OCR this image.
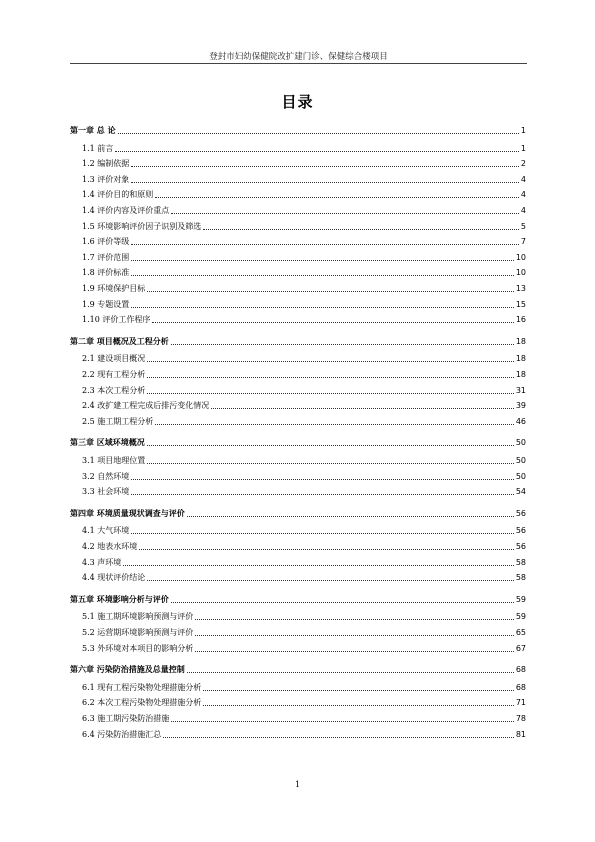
登封市妇幼保健院改扩建门诊、保健综合楼项目
目录
第一章 总 论	1
1.1 前言	1
1.2 编制依据	2
1.3 评价对象	4
1.4 评价目的和原则	4
1.4 评价内容及评价重点	4
1.5 环境影响评价因子识别及筛选	5
1.6 评价等级	7
1.7 评价范围	10
1.8 评价标准	10
1.9 环境保护目标	13
1.9 专题设置	15
1.10 评价工作程序	16
第二章 项目概况及工程分析	18
2.1 建设项目概况	18
2.2 现有工程分析	18
2.3 本次工程分析	31
2.4 改扩建工程完成后排污变化情况	39
2.5 施工期工程分析	46
第三章 区域环境概况	50
3.1 项目地理位置	50
3.2 自然环境	50
3.3 社会环境	54
第四章 环境质量现状调查与评价	56
4.1 大气环境	56
4.2 地表水环境	56
4.3 声环境	58
4.4 现状评价结论	58
第五章 环境影响分析与评价	59
5.1 施工期环境影响预测与评价	59
5.2 运营期环境影响预测与评价	65
5.3 外环境对本项目的影响分析	67
第六章 污染防治措施及总量控制	68
6.1 现有工程污染物处理措施分析	68
6.2 本次工程污染物处理措施分析	71
6.3 施工期污染防治措施	78
6.4 污染防治措施汇总	81
1
